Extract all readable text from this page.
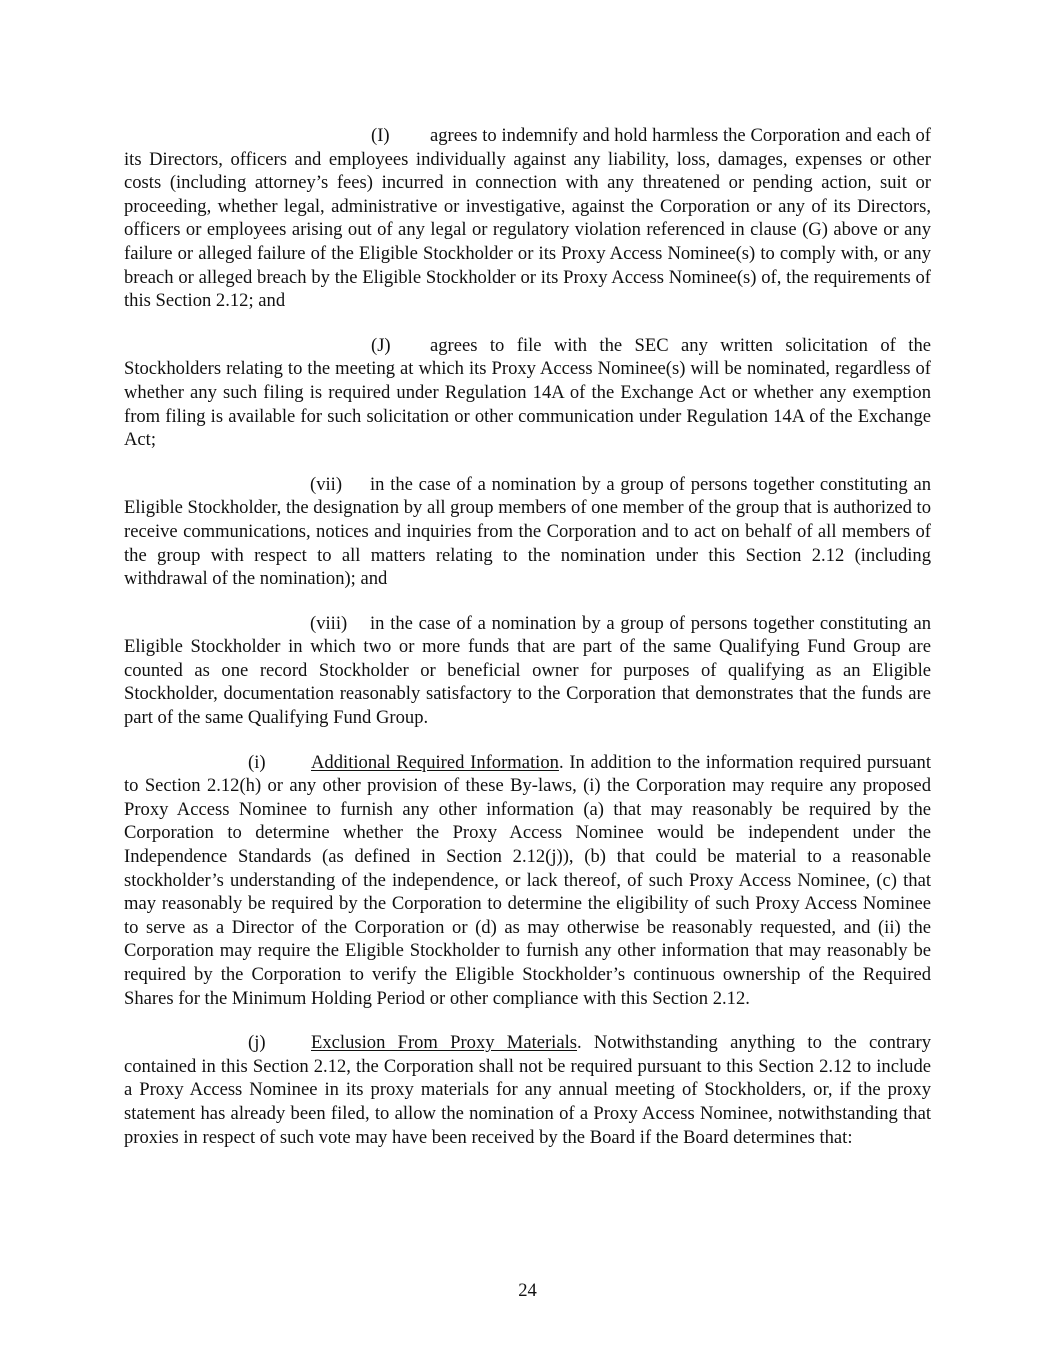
(I) agrees to indemnify and hold harmless the Corporation and each of its Directors, officers and employees individually against any liability, loss, damages, expenses or other costs (including attorney’s fees) incurred in connection with any threatened or pending action, suit or proceeding, whether legal, administrative or investigative, against the Corporation or any of its Directors, officers or employees arising out of any legal or regulatory violation referenced in clause (G) above or any failure or alleged failure of the Eligible Stockholder or its Proxy Access Nominee(s) to comply with, or any breach or alleged breach by the Eligible Stockholder or its Proxy Access Nominee(s) of, the requirements of this Section 2.12; and

(J) agrees to file with the SEC any written solicitation of the Stockholders relating to the meeting at which its Proxy Access Nominee(s) will be nominated, regardless of whether any such filing is required under Regulation 14A of the Exchange Act or whether any exemption from filing is available for such solicitation or other communication under Regulation 14A of the Exchange Act;

(vii) in the case of a nomination by a group of persons together constituting an Eligible Stockholder, the designation by all group members of one member of the group that is authorized to receive communications, notices and inquiries from the Corporation and to act on behalf of all members of the group with respect to all matters relating to the nomination under this Section 2.12 (including withdrawal of the nomination); and

(viii) in the case of a nomination by a group of persons together constituting an Eligible Stockholder in which two or more funds that are part of the same Qualifying Fund Group are counted as one record Stockholder or beneficial owner for purposes of qualifying as an Eligible Stockholder, documentation reasonably satisfactory to the Corporation that demonstrates that the funds are part of the same Qualifying Fund Group.

(i) Additional Required Information. In addition to the information required pursuant to Section 2.12(h) or any other provision of these By-laws, (i) the Corporation may require any proposed Proxy Access Nominee to furnish any other information (a) that may reasonably be required by the Corporation to determine whether the Proxy Access Nominee would be independent under the Independence Standards (as defined in Section 2.12(j)), (b) that could be material to a reasonable stockholder’s understanding of the independence, or lack thereof, of such Proxy Access Nominee, (c) that may reasonably be required by the Corporation to determine the eligibility of such Proxy Access Nominee to serve as a Director of the Corporation or (d) as may otherwise be reasonably requested, and (ii) the Corporation may require the Eligible Stockholder to furnish any other information that may reasonably be required by the Corporation to verify the Eligible Stockholder’s continuous ownership of the Required Shares for the Minimum Holding Period or other compliance with this Section 2.12.

(j) Exclusion From Proxy Materials. Notwithstanding anything to the contrary contained in this Section 2.12, the Corporation shall not be required pursuant to this Section 2.12 to include a Proxy Access Nominee in its proxy materials for any annual meeting of Stockholders, or, if the proxy statement has already been filed, to allow the nomination of a Proxy Access Nominee, notwithstanding that proxies in respect of such vote may have been received by the Board if the Board determines that:

24
